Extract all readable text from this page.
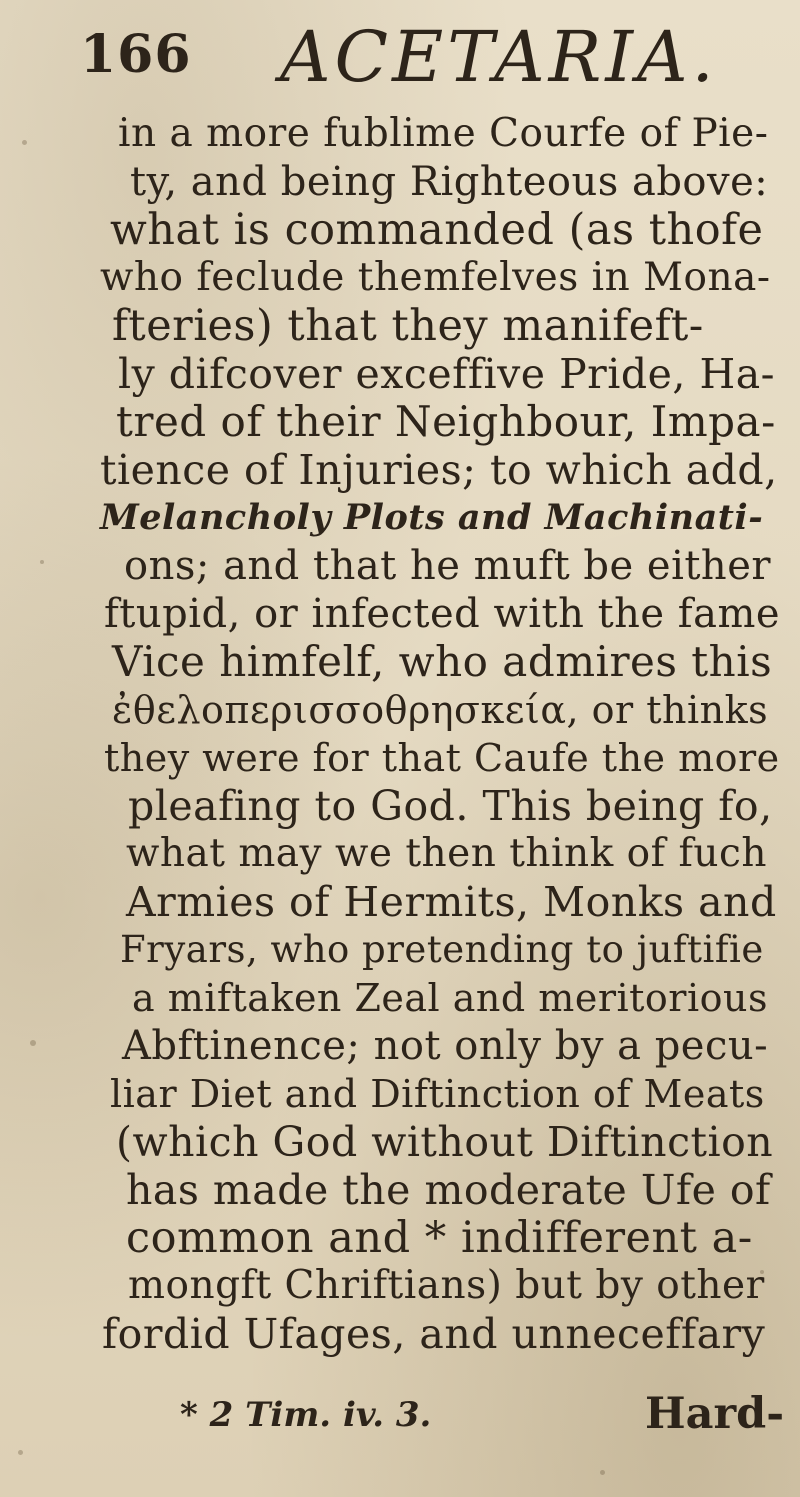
166 ACETARIA.
in a more fublime Courfe of Pie-
ty, and being Righteous above:
what is commanded (as thofe
who feclude themfelves in Mona-
fteries) that they manifeft-
ly difcover exceffive Pride, Ha-
tred of their Neighbour, Impa-
tience of Injuries; to which add,
Melancholy Plots and Machinati-
ons; and that he muft be either
ftupid, or infected with the fame
Vice himfelf, who admires this
ἐθελοπερισσοθρησκεία, or thinks
they were for that Caufe the more
pleafing to God. This being fo,
what may we then think of fuch
Armies of Hermits, Monks and
Fryars, who pretending to juftifie
a miftaken Zeal and meritorious
Abftinence; not only by a pecu-
liar Diet and Diftinction of Meats
(which God without Diftinction
has made the moderate Ufe of
common and * indifferent a-
mongft Chriftians) but by other
fordid Ufages, and unneceffary
* 2 Tim. iv. 3.	Hard-
